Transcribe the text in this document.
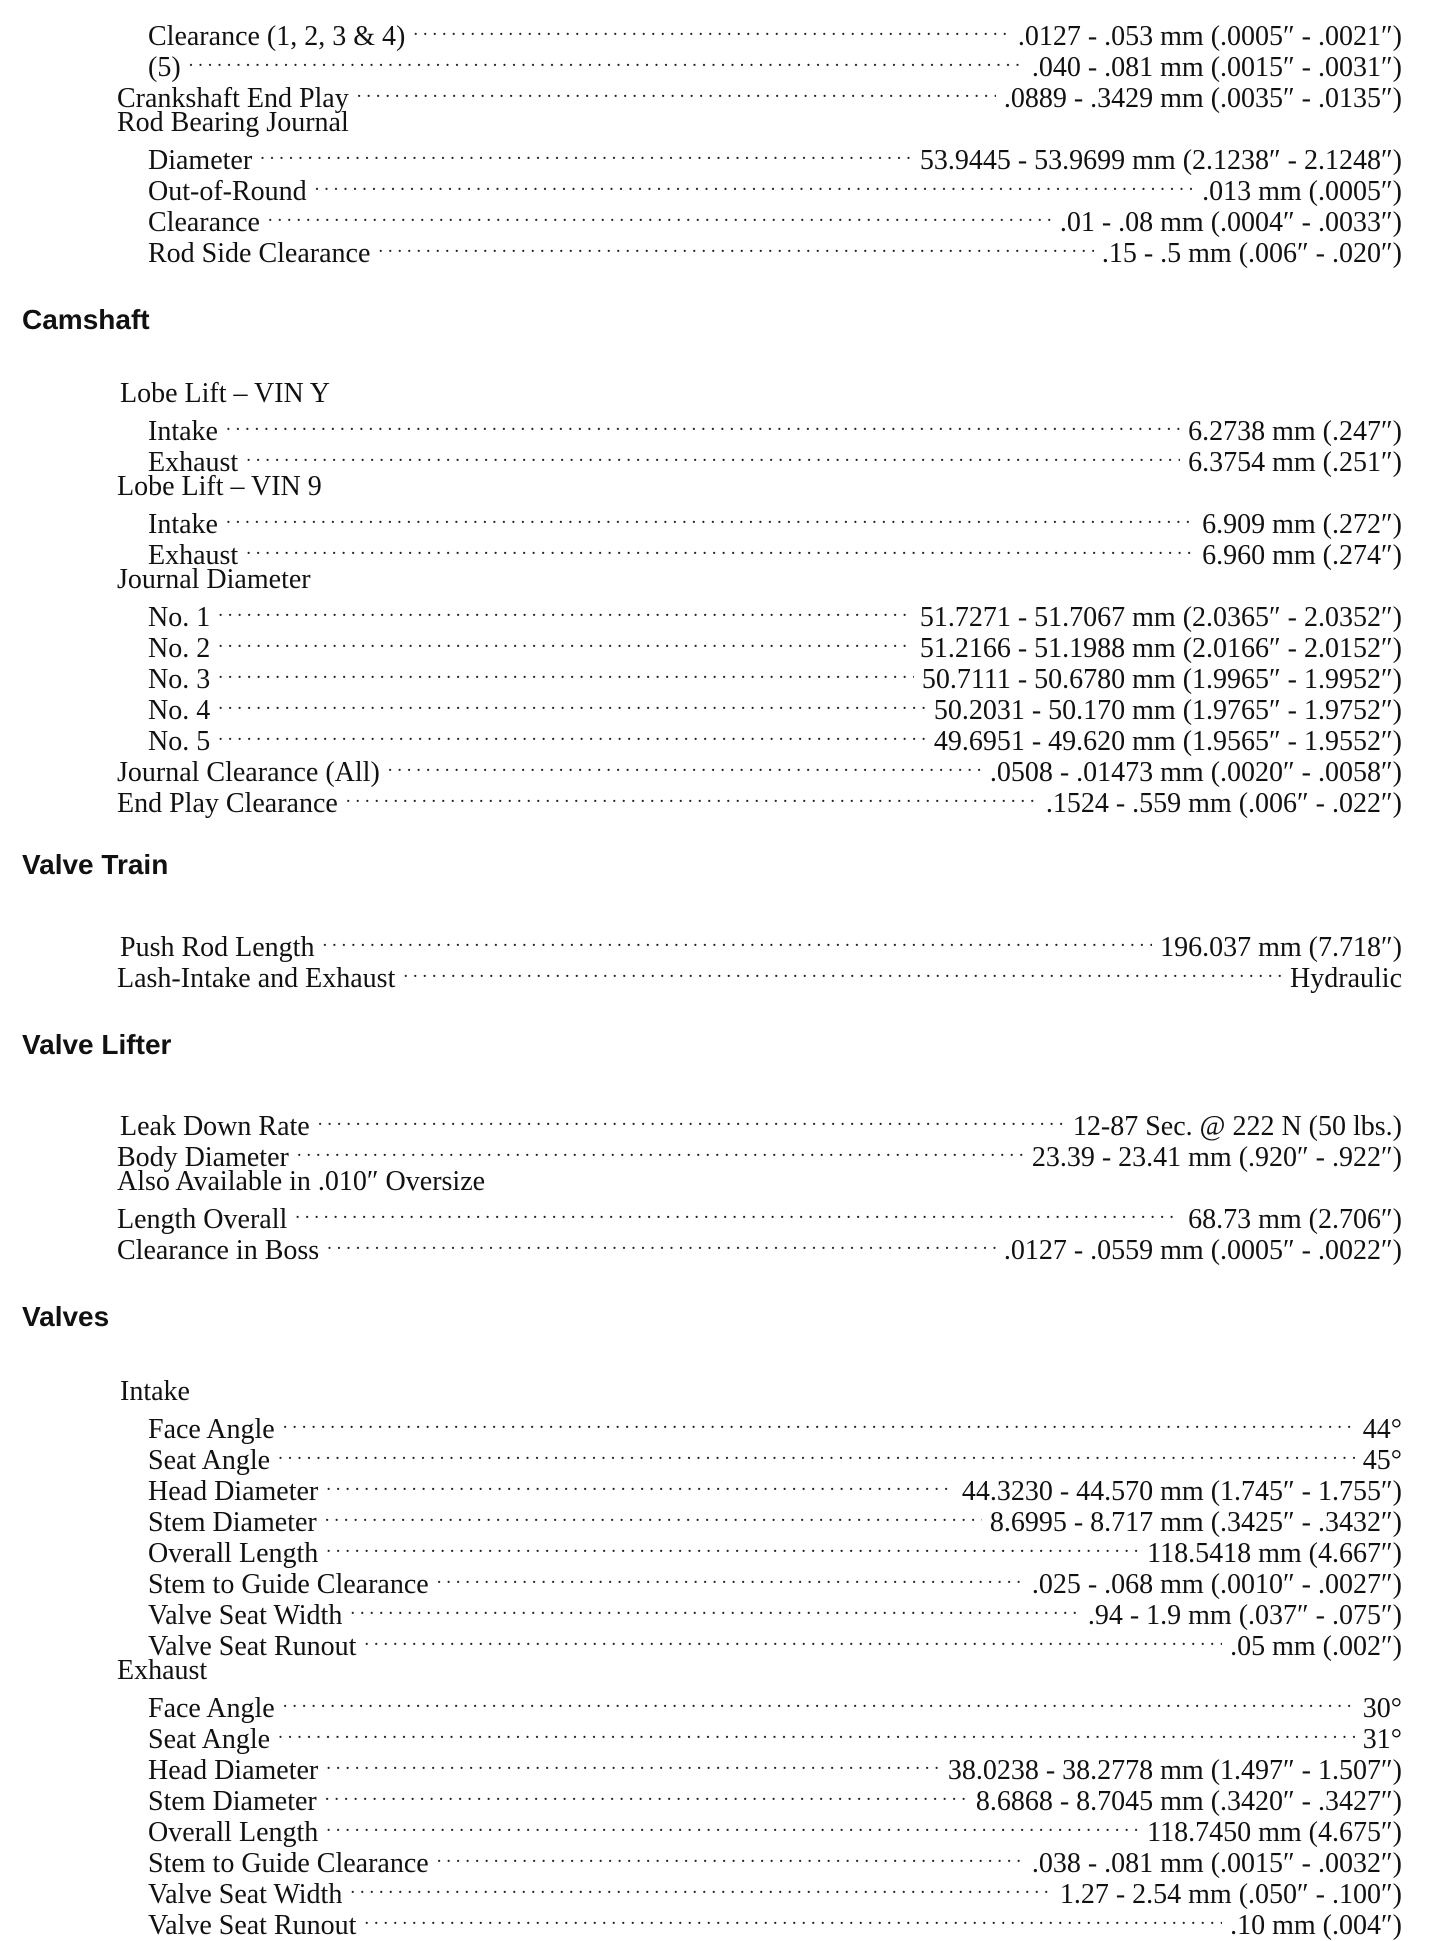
Clearance (1, 2, 3 & 4) . . .	.0127 - .053 mm (.0005″ - .0021″)
(5) . . .	.040 - .081 mm (.0015″ - .0031″)
Crankshaft End Play . . .	.0889 - .3429 mm (.0035″ - .0135″)
Rod Bearing Journal
Diameter . . .	53.9445 - 53.9699 mm (2.1238″ - 2.1248″)
Out-of-Round . . .	.013 mm (.0005″)
Clearance . . .	.01 - .08 mm (.0004″ - .0033″)
Rod Side Clearance . . .	.15 - .5 mm (.006″ - .020″)
Camshaft
Lobe Lift – VIN Y
Intake . . .	6.2738 mm (.247″)
Exhaust . . .	6.3754 mm (.251″)
Lobe Lift – VIN 9
Intake . . .	6.909 mm (.272″)
Exhaust . . .	6.960 mm (.274″)
Journal Diameter
No. 1 . . .	51.7271 - 51.7067 mm (2.0365″ - 2.0352″)
No. 2 . . .	51.2166 - 51.1988 mm (2.0166″ - 2.0152″)
No. 3 . . .	50.7111 - 50.6780 mm (1.9965″ - 1.9952″)
No. 4 . . .	50.2031 - 50.170 mm (1.9765″ - 1.9752″)
No. 5 . . .	49.6951 - 49.620 mm (1.9565″ - 1.9552″)
Journal Clearance (All) . . .	.0508 - .01473 mm (.0020″ - .0058″)
End Play Clearance . . .	.1524 - .559 mm (.006″ - .022″)
Valve Train
Push Rod Length . . .	196.037 mm (7.718″)
Lash-Intake and Exhaust . . .	Hydraulic
Valve Lifter
Leak Down Rate . . .	12-87 Sec. @ 222 N (50 lbs.)
Body Diameter . . .	23.39 - 23.41 mm (.920″ - .922″)
Also Available in .010″ Oversize
Length Overall . . .	68.73 mm (2.706″)
Clearance in Boss . . .	.0127 - .0559 mm (.0005″ - .0022″)
Valves
Intake
Face Angle . . .	44°
Seat Angle . . .	45°
Head Diameter . . .	44.3230 - 44.570 mm (1.745″ - 1.755″)
Stem Diameter . . .	8.6995 - 8.717 mm (.3425″ - .3432″)
Overall Length . . .	118.5418 mm (4.667″)
Stem to Guide Clearance . . .	.025 - .068 mm (.0010″ - .0027″)
Valve Seat Width . . .	.94 - 1.9 mm (.037″ - .075″)
Valve Seat Runout . . .	.05 mm (.002″)
Exhaust
Face Angle . . .	30°
Seat Angle . . .	31°
Head Diameter . . .	38.0238 - 38.2778 mm (1.497″ - 1.507″)
Stem Diameter . . .	8.6868 - 8.7045 mm (.3420″ - .3427″)
Overall Length . . .	118.7450 mm (4.675″)
Stem to Guide Clearance . . .	.038 - .081 mm (.0015″ - .0032″)
Valve Seat Width . . .	1.27 - 2.54 mm (.050″ - .100″)
Valve Seat Runout . . .	.10 mm (.004″)
